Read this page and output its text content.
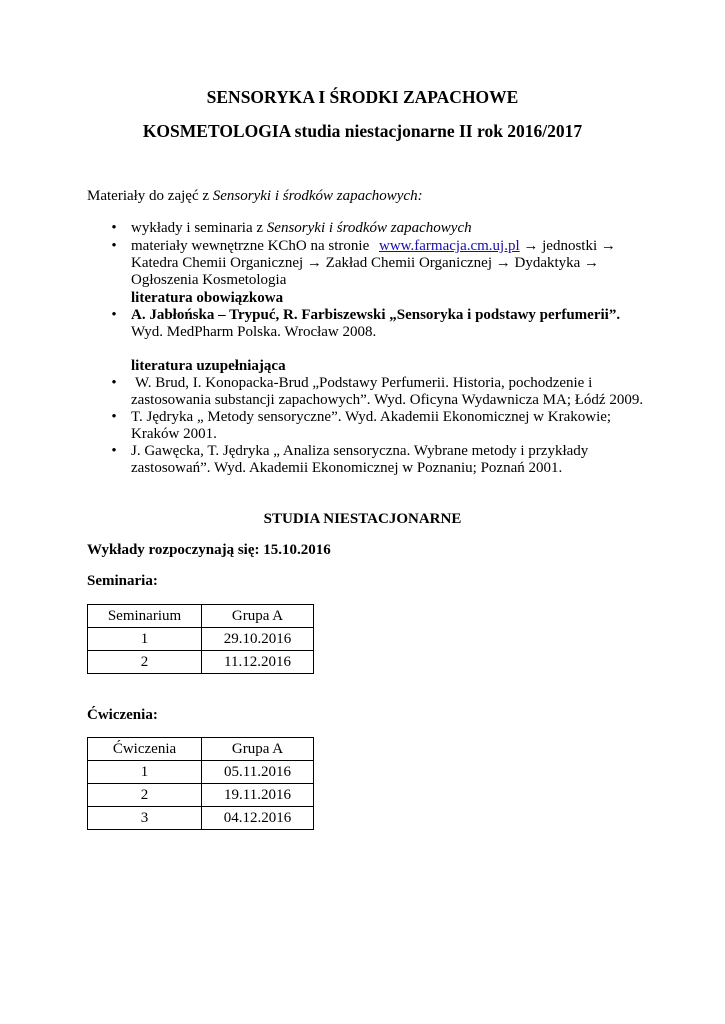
SENSORYKA I ŚRODKI ZAPACHOWE
KOSMETOLOGIA studia niestacjonarne II rok 2016/2017
Materiały do zajęć z Sensoryki i środków zapachowych:
• wykłady i seminaria z Sensoryki i środków zapachowych
• materiały wewnętrzne KChO na stronie www.farmacja.cm.uj.pl → jednostki →
Katedra Chemii Organicznej → Zakład Chemii Organicznej → Dydaktyka →
Ogłoszenia Kosmetologia
literatura obowiązkowa
• A. Jabłońska – Trypuć, R. Farbiszewski „Sensoryka i podstawy perfumerii”.
Wyd. MedPharm Polska. Wrocław 2008.
literatura uzupełniająca
• W. Brud, I. Konopacka-Brud „Podstawy Perfumerii. Historia, pochodzenie i
zastosowania substancji zapachowych”. Wyd. Oficyna Wydawnicza MA; Łódź 2009.
• T. Jędryka „ Metody sensoryczne”. Wyd. Akademii Ekonomicznej w Krakowie;
Kraków 2001.
• J. Gawęcka, T. Jędryka „ Analiza sensoryczna. Wybrane metody i przykłady
zastosowań”. Wyd. Akademii Ekonomicznej w Poznaniu; Poznań 2001.
STUDIA NIESTACJONARNE
Wykłady rozpoczynają się: 15.10.2016
Seminaria:
Seminarium	Grupa A
1	29.10.2016
2	11.12.2016
Ćwiczenia:
Ćwiczenia	Grupa A
1	05.11.2016
2	19.11.2016
3	04.12.2016
